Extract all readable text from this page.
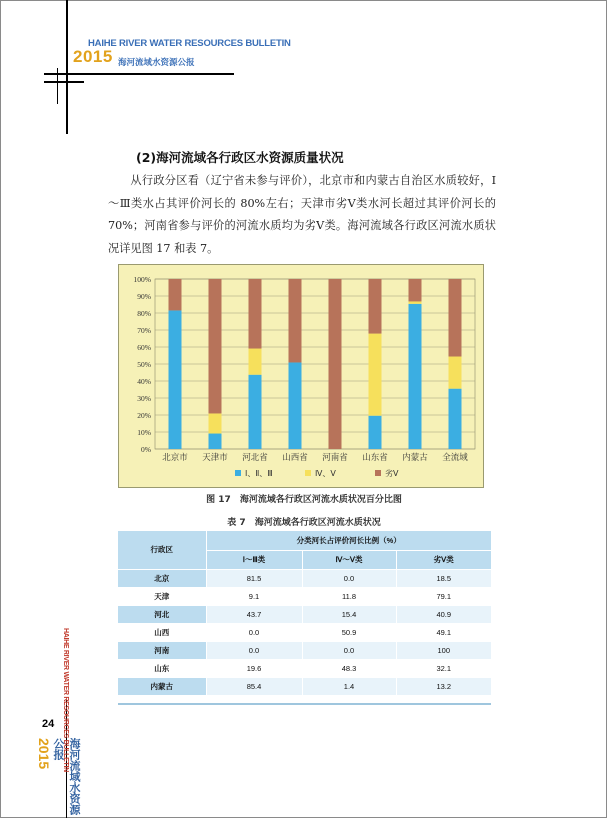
HAIHE RIVER WATER RESOURCES BULLETIN
2015 海河流域水资源公报
HAIHE RIVER WATER RESOURCES BULLETIN
24
2015	海河流域水资源公报
(2)海河流域各行政区水资源质量状况
从行政分区看（辽宁省未参与评价），北京市和内蒙古自治区水质较好，Ⅰ～Ⅲ类水占其评价河长的 80%左右；天津市劣Ⅴ类水河长超过其评价河长的 70%；河南省参与评价的河流水质均为劣Ⅴ类。海河流域各行政区河流水质状况详见图 17 和表 7。
0%
10%
20%
30%
40%
50%
60%
70%
80%
90%
100%
北京市 天津市 河北省 山西省 河南省 山东省 内蒙古 全流域
Ⅰ、Ⅱ、Ⅲ	Ⅳ、Ⅴ	劣Ⅴ
图 17　海河流域各行政区河流水质状况百分比图
表 7　海河流域各行政区河流水质状况
行政区	分类河长占评价河长比例（%）		
	Ⅰ～Ⅲ类	Ⅳ～Ⅴ类	劣Ⅴ类
北京	81.5	0.0	18.5
天津	9.1	11.8	79.1
河北	43.7	15.4	40.9
山西	0.0	50.9	49.1
河南	0.0	0.0	100
山东	19.6	48.3	32.1
内蒙古	85.4	1.4	13.2
